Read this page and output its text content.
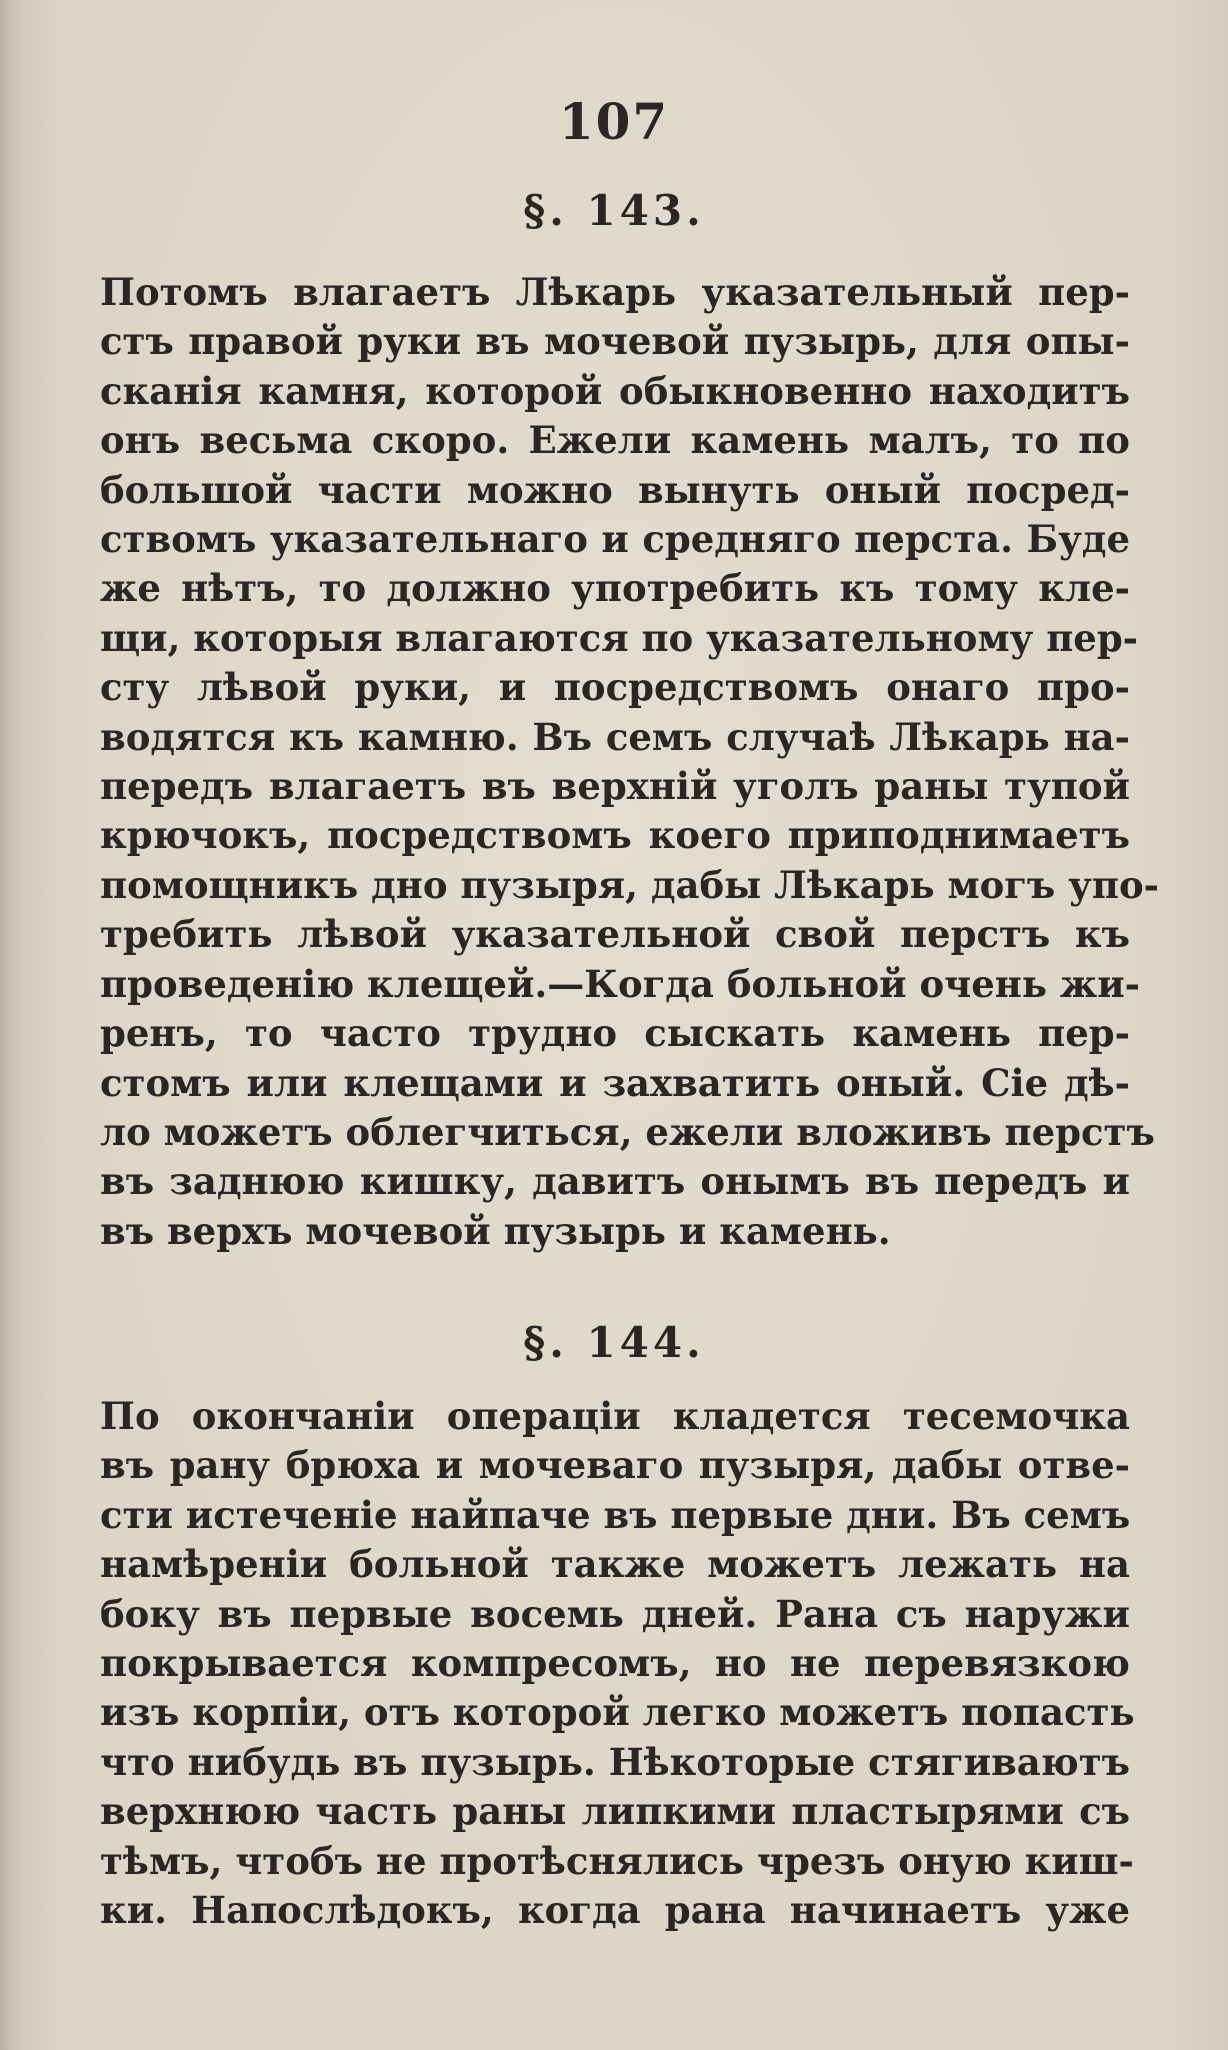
107
§. 143.

Потомъ влагаетъ Лѣкарь указательный пер-
стъ правой руки въ мочевой пузырь, для опы-
сканія камня, которой обыкновенно находитъ
онъ весьма скоро. Ежели камень малъ, то по
большой части можно вынуть оный посред-
ствомъ указательнаго и средняго перста. Буде
же нѣтъ, то должно употребить къ тому кле-
щи, которыя влагаются по указательному пер-
сту лѣвой руки, и посредствомъ онаго про-
водятся къ камню. Въ семъ случаѣ Лѣкарь на-
передъ влагаетъ въ верхній уголъ раны тупой
крючокъ, посредствомъ коего приподнимаетъ
помощникъ дно пузыря, дабы Лѣкарь могъ упо-
требить лѣвой указательной свой перстъ къ
проведенію клещей.—Когда больной очень жи-
ренъ, то часто трудно сыскать камень пер-
стомъ или клещами и захватить оный. Сіе дѣ-
ло можетъ облегчиться, ежели вложивъ перстъ
въ заднюю кишку, давитъ онымъ въ передъ и
въ верхъ мочевой пузырь и камень.

§. 144.

По окончаніи операціи кладется тесемочка
въ рану брюха и мочеваго пузыря, дабы отве-
сти истеченіе найпаче въ первые дни. Въ семъ
намѣреніи больной также можетъ лежать на
боку въ первые восемь дней. Рана съ наружи
покрывается компресомъ, но не перевязкою
изъ корпіи, отъ которой легко можетъ попасть
что нибудь въ пузырь. Нѣкоторые стягиваютъ
верхнюю часть раны липкими пластырями съ
тѣмъ, чтобъ не протѣснялись чрезъ оную киш-
ки. Напослѣдокъ, когда рана начинаетъ уже
